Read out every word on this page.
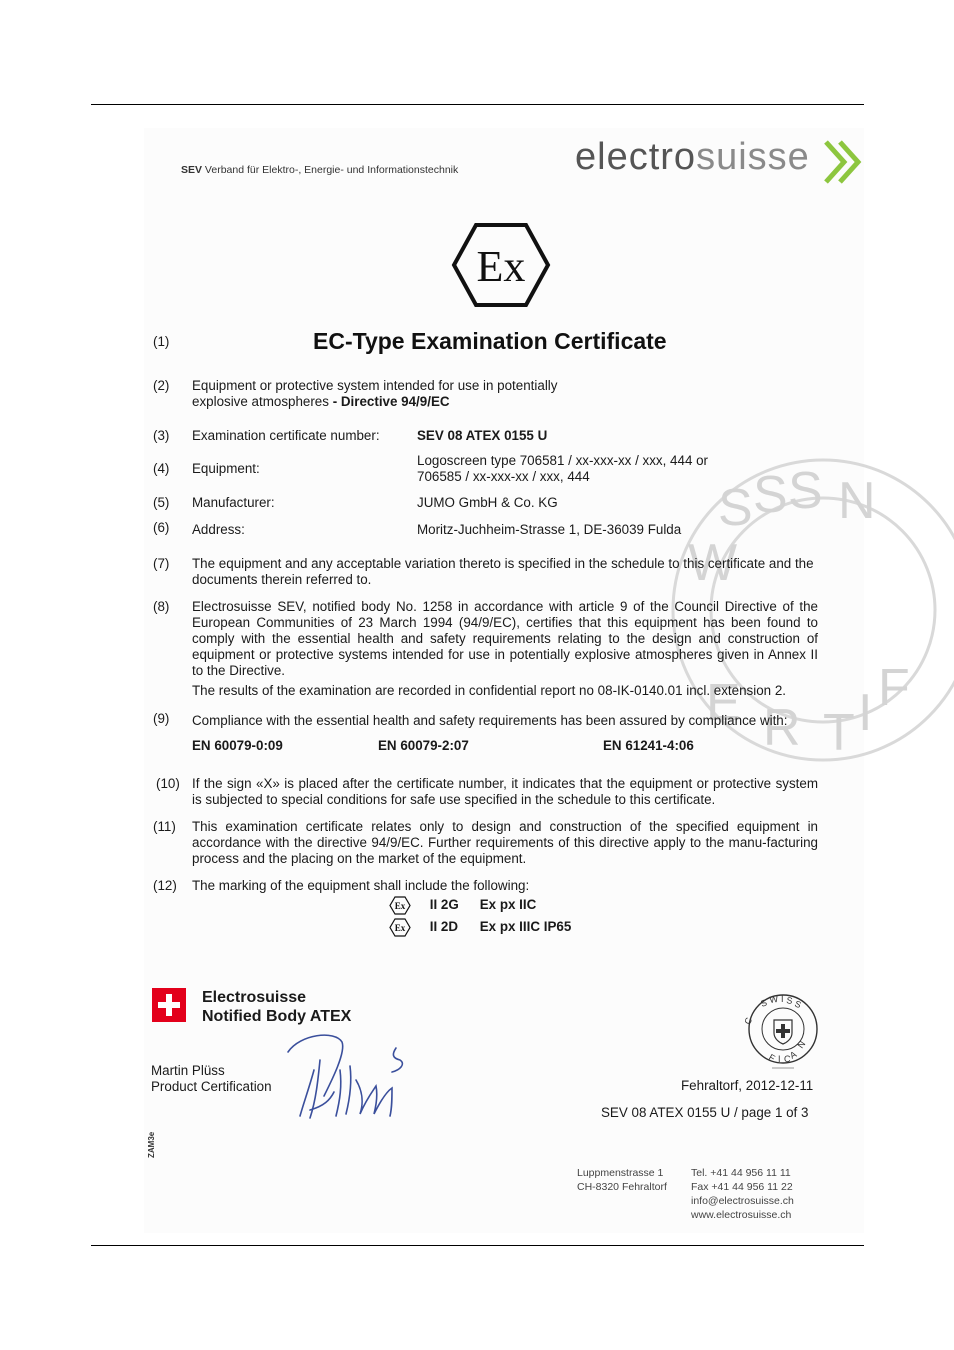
S S S N
W
E R T I F
SEV Verband für Elektro-, Energie- und Informationstechnik	electrosuisse
Ex
(1)	EC-Type Examination Certificate
(2) Equipment or protective system intended for use in potentially
explosive atmospheres - Directive 94/9/EC
(3) Examination certificate number:	SEV 08 ATEX 0155 U
(4) Equipment:
Logoscreen type 706581 / xx-xxx-xx / xxx, 444 or
706585 / xx-xxx-xx / xxx, 444
(5) Manufacturer:	JUMO GmbH & Co. KG
(6) Address:	Moritz-Juchheim-Strasse 1, DE-36039 Fulda
(7) The equipment and any acceptable variation thereto is specified in the schedule to this certificate and the documents therein referred to.
(8) Electrosuisse SEV, notified body No. 1258 in accordance with article 9 of the Council Directive of the European Communities of 23 March 1994 (94/9/EC), certifies that this equipment has been found to comply with the essential health and safety requirements relating to the design and construction of equipment or protective systems intended for use in potentially explosive atmospheres given in Annex II to the Directive.
The results of the examination are recorded in confidential report no 08-IK-0140.01 incl. extension 2.
(9) Compliance with the essential health and safety requirements has been assured by compliance with:
EN 60079-0:09	EN 60079-2:07	EN 61241-4:06
(10) If the sign «X» is placed after the certificate number, it indicates that the equipment or protective system is subjected to special conditions for safe use specified in the schedule to this certificate.
(11) This examination certificate relates only to design and construction of the specified equipment in accordance with the directive 94/9/EC. Further requirements of this directive apply to the manu-facturing process and the placing on the market of the equipment.
(12) The marking of the equipment shall include the following:
Ex II 2G Ex px IIC
Ex II 2D Ex px IIIC IP65
Electrosuisse
Notified Body ATEX
Martin Plüss
Product Certification
S W I S S
C
N
F I C
A
Fehraltorf, 2012-12-11
SEV 08 ATEX 0155 U / page 1 of 3
ZAM3e
Luppmenstrasse 1
CH-8320 Fehraltorf
Tel. +41 44 956 11 11
Fax +41 44 956 11 22
info@electrosuisse.ch
www.electrosuisse.ch
